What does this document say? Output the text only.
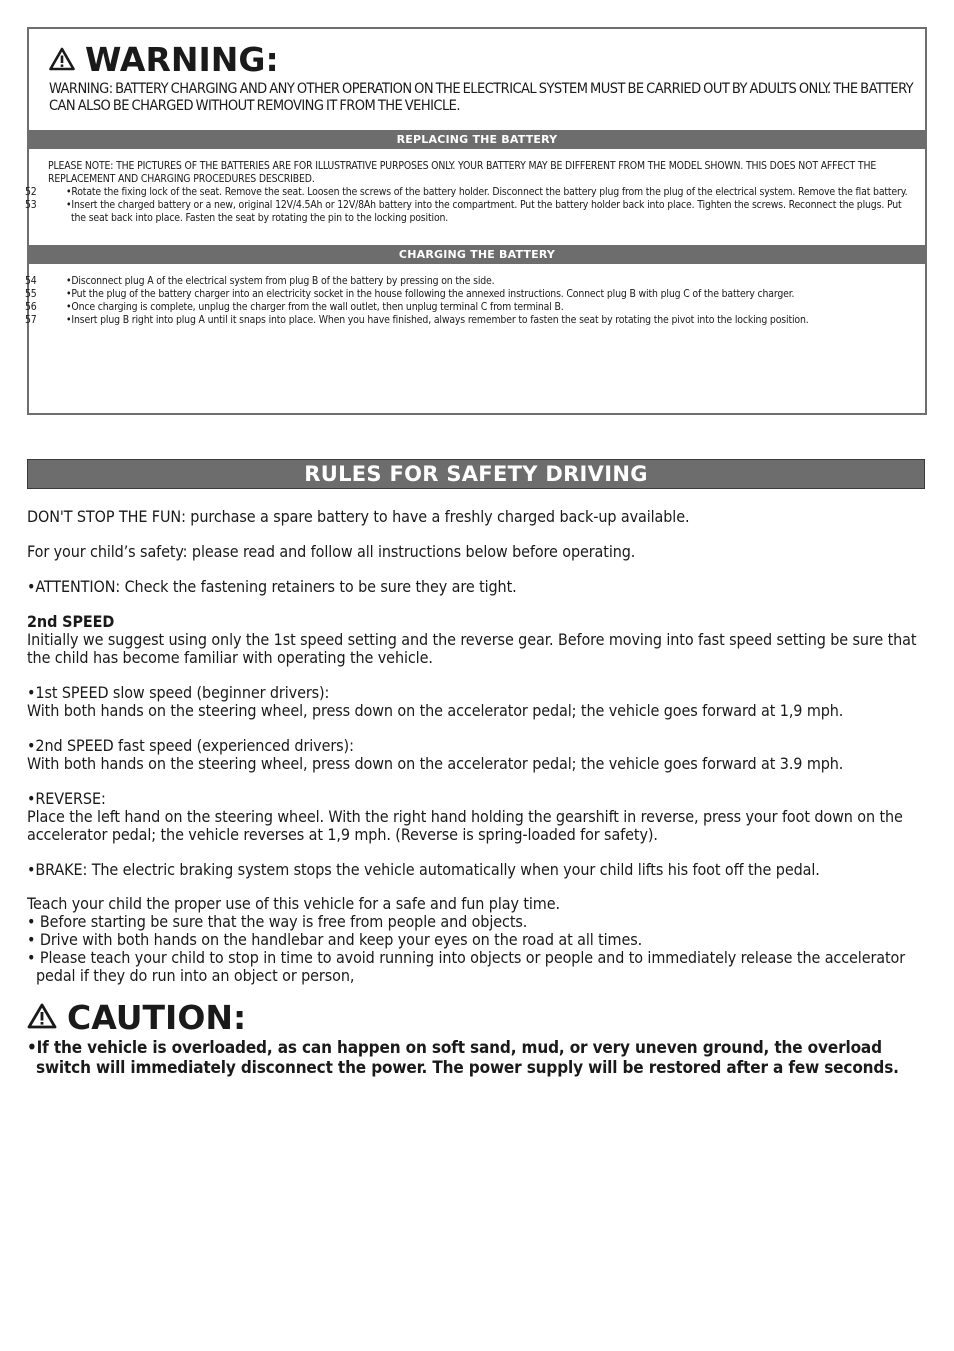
WARNING:
WARNING: BATTERY CHARGING AND ANY OTHER OPERATION ON THE ELECTRICAL SYSTEM MUST BE CARRIED OUT BY ADULTS ONLY. THE BATTERY CAN ALSO BE CHARGED WITHOUT REMOVING IT FROM THE VEHICLE.
REPLACING THE BATTERY

PLEASE NOTE: THE PICTURES OF THE BATTERIES ARE FOR ILLUSTRATIVE PURPOSES ONLY. YOUR BATTERY MAY BE DIFFERENT FROM THE MODEL SHOWN. THIS DOES NOT AFFECT THE REPLACEMENT AND CHARGING PROCEDURES DESCRIBED.

52	•Rotate the fixing lock of the seat. Remove the seat. Loosen the screws of the battery holder. Disconnect the battery plug from the plug of the electrical system. Remove the flat battery.

53	•Insert the charged battery or a new, original 12V/4.5Ah or 12V/8Ah battery into the compartment. Put the battery holder back into place. Tighten the screws. Reconnect the plugs. Put the seat back into place. Fasten the seat by rotating the pin to the locking position.

CHARGING THE BATTERY

54	•Disconnect plug A of the electrical system from plug B of the battery by pressing on the side.

55	•Put the plug of the battery charger into an electricity socket in the house following the annexed instructions. Connect plug B with plug C of the battery charger.

56	•Once charging is complete, unplug the charger from the wall outlet, then unplug terminal C from terminal B.

57	•Insert plug B right into plug A until it snaps into place. When you have finished, always remember to fasten the seat by rotating the pivot into the locking position.

RULES FOR SAFETY DRIVING

DON'T STOP THE FUN: purchase a spare battery to have a freshly charged back-up available.

For your child’s safety: please read and follow all instructions below before operating.

•ATTENTION: Check the fastening retainers to be sure they are tight.

2nd SPEED

Initially we suggest using only the 1st speed setting and the reverse gear. Before moving into fast speed setting be sure that the child has become familiar with operating the vehicle.

•1st SPEED slow speed (beginner drivers):

With both hands on the steering wheel, press down on the accelerator pedal; the vehicle goes forward at 1,9 mph.

•2nd SPEED fast speed (experienced drivers):

With both hands on the steering wheel, press down on the accelerator pedal; the vehicle goes forward at 3.9 mph.

•REVERSE:

Place the left hand on the steering wheel. With the right hand holding the gearshift in reverse, press your foot down on the accelerator pedal; the vehicle reverses at 1,9 mph. (Reverse is spring-loaded for safety).

•BRAKE: The electric braking system stops the vehicle automatically when your child lifts his foot off the pedal.

Teach your child the proper use of this vehicle for a safe and fun play time.

• Before starting be sure that the way is free from people and objects.

• Drive with both hands on the handlebar and keep your eyes on the road at all times.

• Please teach your child to stop in time to avoid running into objects or people and to immediately release the accelerator pedal if they do run into an object or person,

CAUTION:
•If the vehicle is overloaded, as can happen on soft sand, mud, or very uneven ground, the overload switch will immediately disconnect the power. The power supply will be restored after a few seconds.
